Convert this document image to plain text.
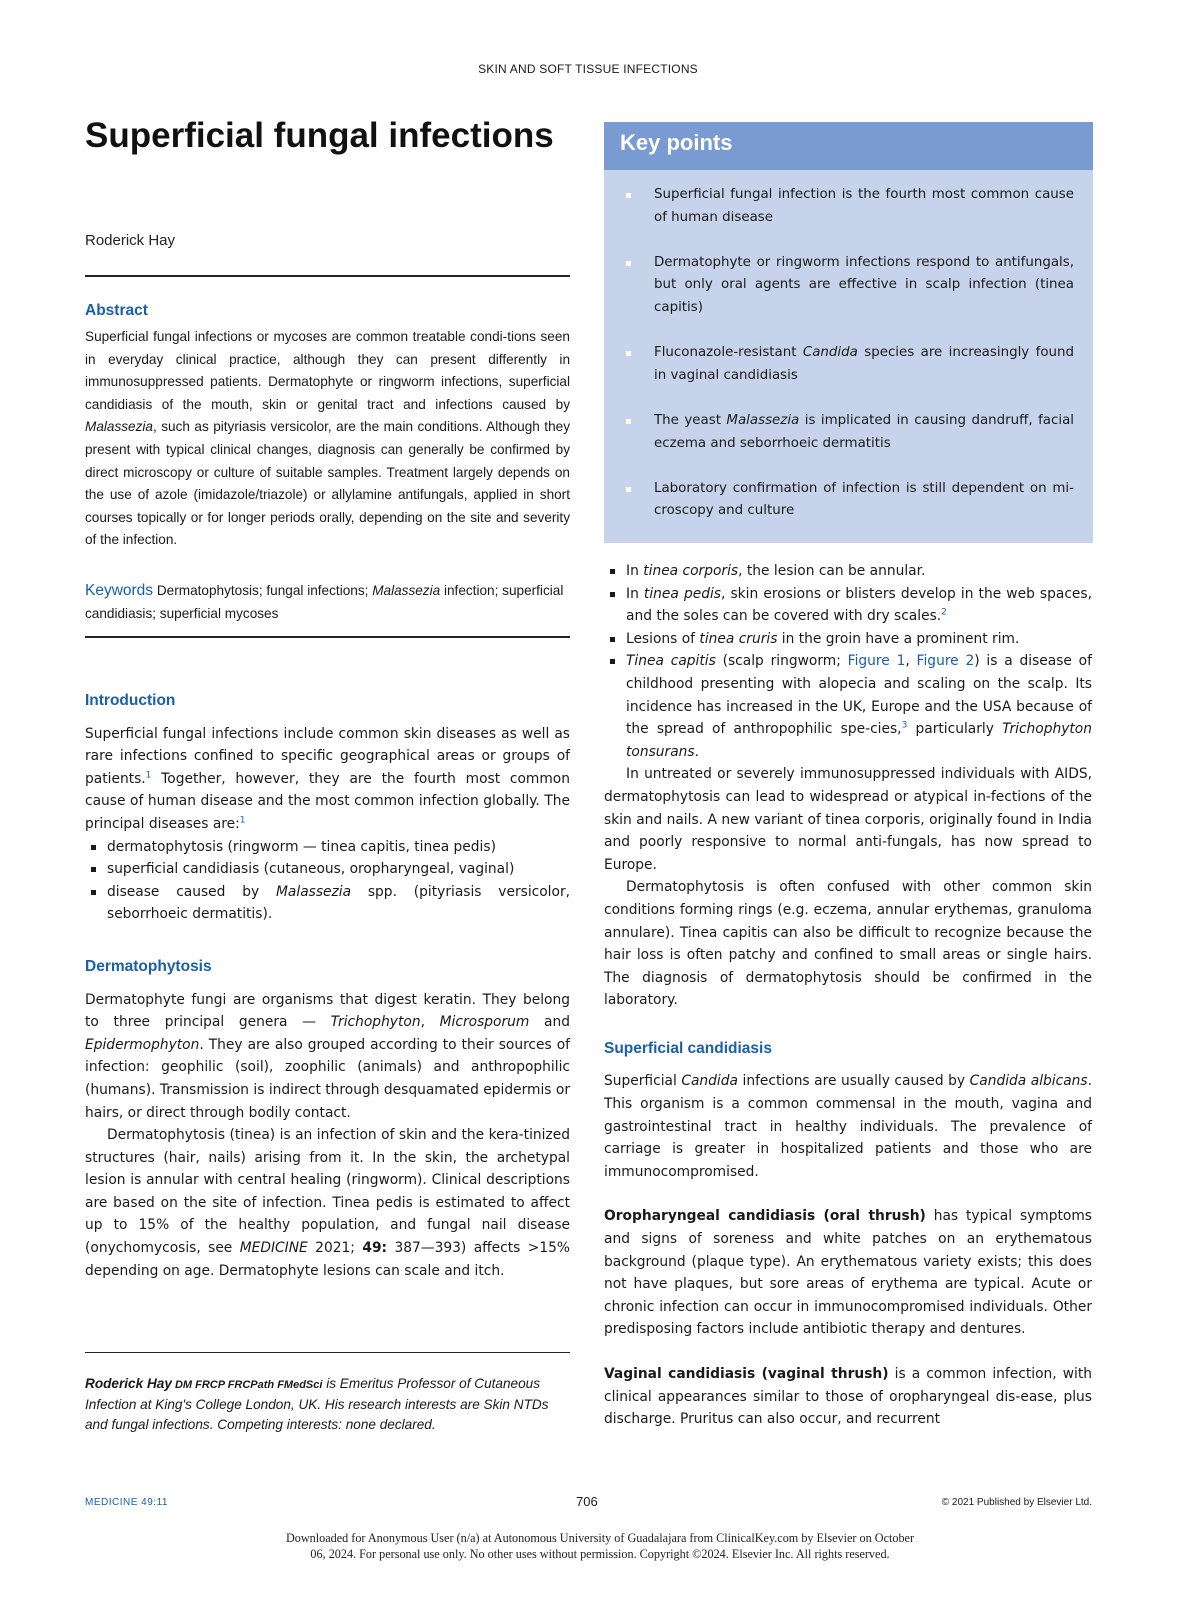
SKIN AND SOFT TISSUE INFECTIONS
Superficial fungal infections
Roderick Hay
Abstract

Superficial fungal infections or mycoses are common treatable condi-tions seen in everyday clinical practice, although they can present differently in immunosuppressed patients. Dermatophyte or ringworm infections, superficial candidiasis of the mouth, skin or genital tract and infections caused by Malassezia, such as pityriasis versicolor, are the main conditions. Although they present with typical clinical changes, diagnosis can generally be confirmed by direct microscopy or culture of suitable samples. Treatment largely depends on the use of azole (imidazole/triazole) or allylamine antifungals, applied in short courses topically or for longer periods orally, depending on the site and severity of the infection.

Keywords Dermatophytosis; fungal infections; Malassezia infection; superficial candidiasis; superficial mycoses

Introduction

Superficial fungal infections include common skin diseases as well as rare infections confined to specific geographical areas or groups of patients.$^1$ Together, however, they are the fourth most common cause of human disease and the most common infection globally. The principal diseases are:$^1$

dermatophytosis (ringworm — tinea capitis, tinea pedis)
superficial candidiasis (cutaneous, oropharyngeal, vaginal)
disease caused by Malassezia spp. (pityriasis versicolor, seborrhoeic dermatitis).
Dermatophytosis

Dermatophyte fungi are organisms that digest keratin. They belong to three principal genera — Trichophyton, Microsporum and Epidermophyton. They are also grouped according to their sources of infection: geophilic (soil), zoophilic (animals) and anthropophilic (humans). Transmission is indirect through desquamated epidermis or hairs, or direct through bodily contact.

Dermatophytosis (tinea) is an infection of skin and the kera-tinized structures (hair, nails) arising from it. In the skin, the archetypal lesion is annular with central healing (ringworm). Clinical descriptions are based on the site of infection. Tinea pedis is estimated to affect up to 15% of the healthy population, and fungal nail disease (onychomycosis, see MEDICINE 2021; 49: 387—393) affects >15% depending on age. Dermatophyte lesions can scale and itch.

Roderick Hay DM FRCP FRCPath FMedSci is Emeritus Professor of Cutaneous Infection at King's College London, UK. His research interests are Skin NTDs and fungal infections. Competing interests: none declared.

Key points
Superficial fungal infection is the fourth most common cause of human disease
Dermatophyte or ringworm infections respond to antifungals, but only oral agents are effective in scalp infection (tinea capitis)
Fluconazole-resistant Candida species are increasingly found in vaginal candidiasis
The yeast Malassezia is implicated in causing dandruff, facial eczema and seborrhoeic dermatitis
Laboratory confirmation of infection is still dependent on mi-croscopy and culture
In tinea corporis, the lesion can be annular.
In tinea pedis, skin erosions or blisters develop in the web spaces, and the soles can be covered with dry scales.$^2$
Lesions of tinea cruris in the groin have a prominent rim.
Tinea capitis (scalp ringworm; Figure 1, Figure 2) is a disease of childhood presenting with alopecia and scaling on the scalp. Its incidence has increased in the UK, Europe and the USA because of the spread of anthropophilic spe-cies,$^3$ particularly Trichophyton tonsurans.

In untreated or severely immunosuppressed individuals with AIDS, dermatophytosis can lead to widespread or atypical in-fections of the skin and nails. A new variant of tinea corporis, originally found in India and poorly responsive to normal anti-fungals, has now spread to Europe.

Dermatophytosis is often confused with other common skin conditions forming rings (e.g. eczema, annular erythemas, granuloma annulare). Tinea capitis can also be difficult to recognize because the hair loss is often patchy and confined to small areas or single hairs. The diagnosis of dermatophytosis should be confirmed in the laboratory.

Superficial candidiasis

Superficial Candida infections are usually caused by Candida albicans. This organism is a common commensal in the mouth, vagina and gastrointestinal tract in healthy individuals. The prevalence of carriage is greater in hospitalized patients and those who are immunocompromised.

Oropharyngeal candidiasis (oral thrush) has typical symptoms and signs of soreness and white patches on an erythematous background (plaque type). An erythematous variety exists; this does not have plaques, but sore areas of erythema are typical. Acute or chronic infection can occur in immunocompromised individuals. Other predisposing factors include antibiotic therapy and dentures.

Vaginal candidiasis (vaginal thrush) is a common infection, with clinical appearances similar to those of oropharyngeal dis-ease, plus discharge. Pruritus can also occur, and recurrent

MEDICINE 49:11	706	© 2021 Published by Elsevier Ltd.
Downloaded for Anonymous User (n/a) at Autonomous University of Guadalajara from ClinicalKey.com by Elsevier on October
06, 2024. For personal use only. No other uses without permission. Copyright ©2024. Elsevier Inc. All rights reserved.
